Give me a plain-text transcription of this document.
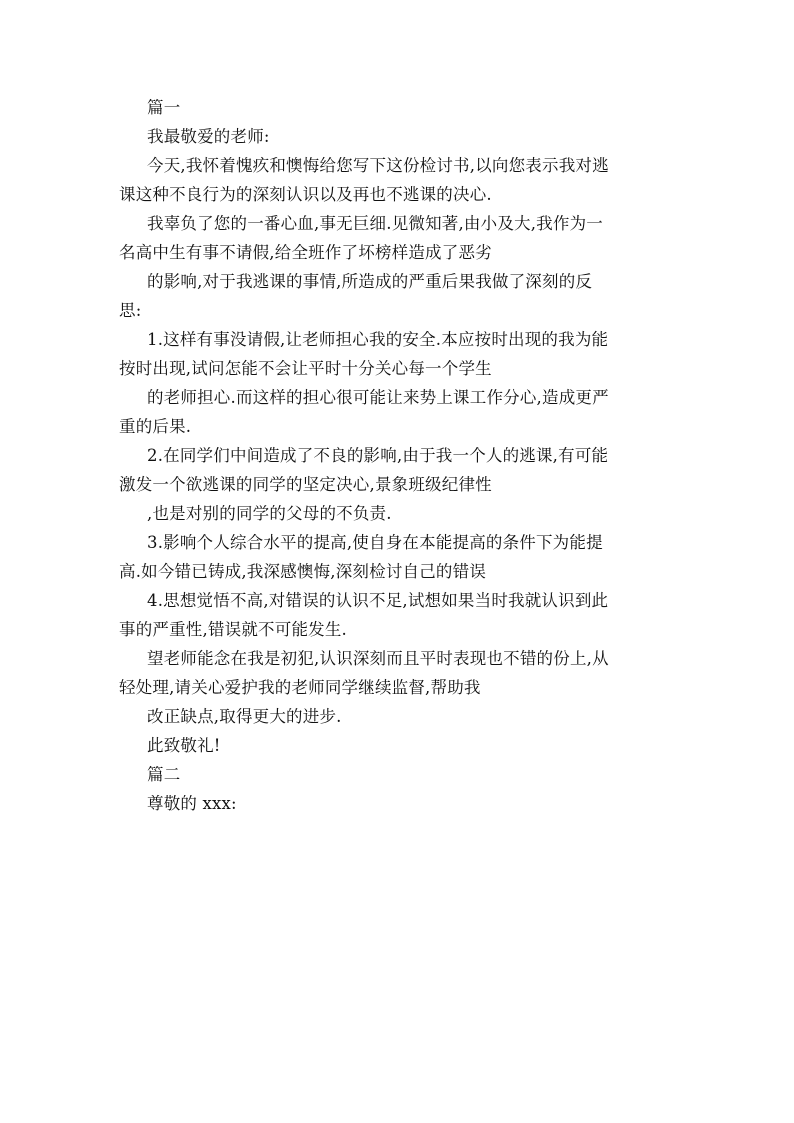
篇一
我最敬爱的老师:
今天,我怀着愧疚和懊悔给您写下这份检讨书,以向您表示我对逃
课这种不良行为的深刻认识以及再也不逃课的决心.
我辜负了您的一番心血,事无巨细.见微知著,由小及大,我作为一
名高中生有事不请假,给全班作了坏榜样造成了恶劣
的影响,对于我逃课的事情,所造成的严重后果我做了深刻的反
思:
1.这样有事没请假,让老师担心我的安全.本应按时出现的我为能
按时出现,试问怎能不会让平时十分关心每一个学生
的老师担心.而这样的担心很可能让来势上课工作分心,造成更严
重的后果.
2.在同学们中间造成了不良的影响,由于我一个人的逃课,有可能
激发一个欲逃课的同学的坚定决心,景象班级纪律性
,也是对别的同学的父母的不负责.
3.影响个人综合水平的提高,使自身在本能提高的条件下为能提
高.如今错已铸成,我深感懊悔,深刻检讨自己的错误
4.思想觉悟不高,对错误的认识不足,试想如果当时我就认识到此
事的严重性,错误就不可能发生.
望老师能念在我是初犯,认识深刻而且平时表现也不错的份上,从
轻处理,请关心爱护我的老师同学继续监督,帮助我
改正缺点,取得更大的进步.
此致敬礼!
篇二
尊敬的 xxx:
